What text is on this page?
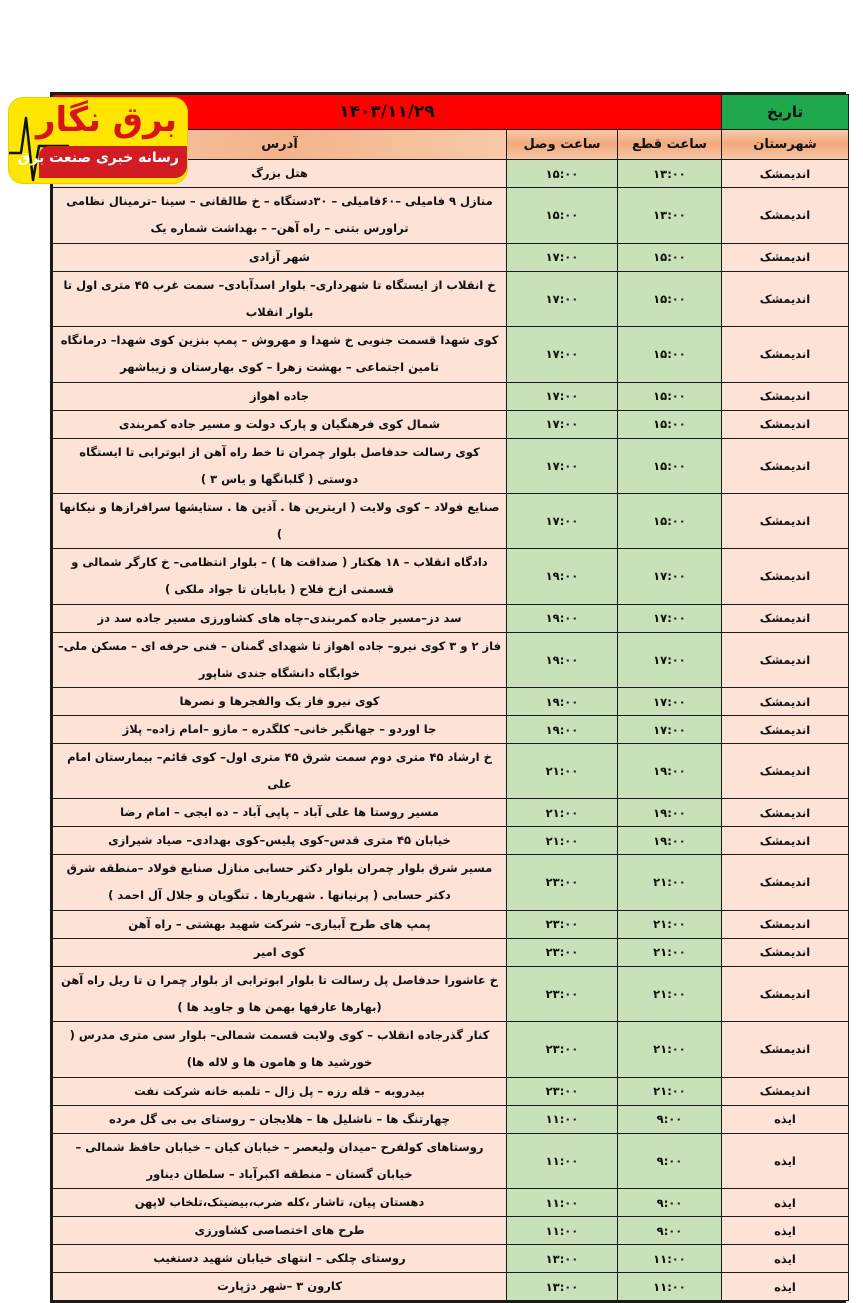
تاریخ	۱۴۰۳/۱۱/۲۹		
شهرستان	ساعت قطع	ساعت وصل	آدرس
اندیمشک	۱۳:۰۰	۱۵:۰۰	هتل بزرگ
اندیمشک	۱۳:۰۰	۱۵:۰۰	منازل ۹ فامیلی –۶۰فامیلی – ۳۰دستگاه – خ طالقانی – سینا –ترمینال نظامی تراورس بتنی – راه آهن– – بهداشت شماره یک
اندیمشک	۱۵:۰۰	۱۷:۰۰	شهر آزادی
اندیمشک	۱۵:۰۰	۱۷:۰۰	خ انقلاب از ایستگاه تا شهرداری– بلوار اسدآبادی– سمت غرب ۴۵ متری اول تا بلوار انقلاب
اندیمشک	۱۵:۰۰	۱۷:۰۰	کوی شهدا قسمت جنوبی خ شهدا و مهروش – پمپ بنزین کوی شهدا– درمانگاه تامین اجتماعی – بهشت زهرا – کوی بهارستان و زیباشهر
اندیمشک	۱۵:۰۰	۱۷:۰۰	جاده اهواز
اندیمشک	۱۵:۰۰	۱۷:۰۰	شمال کوی فرهنگیان و پارک دولت و مسیر جاده کمربندی
اندیمشک	۱۵:۰۰	۱۷:۰۰	کوی رسالت حدفاصل بلوار چمران تا خط راه آهن از ابوترابی تا ایستگاه دوستی ( گلبانگها و یاس ۳ )
اندیمشک	۱۵:۰۰	۱۷:۰۰	صنایع فولاد – کوی ولایت ( اریترین ها . آذین ها . ستایشها سرافرازها و نیکانها )
اندیمشک	۱۷:۰۰	۱۹:۰۰	دادگاه انقلاب – ۱۸ هکتار ( صداقت ها ) – بلوار انتظامی– خ کارگر شمالی و قسمتی ازخ فلاح ( بابایان تا جواد ملکی )
اندیمشک	۱۷:۰۰	۱۹:۰۰	سد دز–مسیر جاده کمربندی–چاه های کشاورزی مسیر جاده سد دز
اندیمشک	۱۷:۰۰	۱۹:۰۰	فاز ۲ و ۳ کوی نیرو– جاده اهواز تا شهدای گمنان – فنی حرفه ای – مسکن ملی– خوابگاه دانشگاه جندی شاپور
اندیمشک	۱۷:۰۰	۱۹:۰۰	کوی نیرو فاز یک والفجرها و نصرها
اندیمشک	۱۷:۰۰	۱۹:۰۰	جا اوردو – جهانگیر خانی– کلگدره – مازو –امام زاده– پلاژ
اندیمشک	۱۹:۰۰	۲۱:۰۰	خ ارشاد ۴۵ متری دوم سمت شرق ۴۵ متری اول– کوی قائم– بیمارستان امام علی
اندیمشک	۱۹:۰۰	۲۱:۰۰	مسیر روستا ها علی آباد – پاپی آباد – ده ایجی – امام رضا
اندیمشک	۱۹:۰۰	۲۱:۰۰	خیابان ۴۵ متری قدس–کوی پلیس–کوی بهدادی– صیاد شیرازی
اندیمشک	۲۱:۰۰	۲۳:۰۰	مسیر شرق بلوار چمران بلوار دکتر حسابی منازل صنایع فولاد –منطقه شرق دکتر حسابی ( پرنیانها . شهریارها . تنگویان و جلال آل احمد )
اندیمشک	۲۱:۰۰	۲۳:۰۰	پمپ های طرح آبیاری– شرکت شهید بهشتی – راه آهن
اندیمشک	۲۱:۰۰	۲۳:۰۰	کوی امیر
اندیمشک	۲۱:۰۰	۲۳:۰۰	خ عاشورا حدفاصل پل رسالت تا بلوار ابوترابی از بلوار چمرا ن تا ریل راه آهن (بهارها عارفها بهمن ها و جاوید ها )
اندیمشک	۲۱:۰۰	۲۳:۰۰	کنار گذرجاده انقلاب – کوی ولایت قسمت شمالی– بلوار سی متری مدرس ( خورشید ها و هامون ها و لاله ها)
اندیمشک	۲۱:۰۰	۲۳:۰۰	بیدروبه – قله رزه – پل زال – تلمبه خانه شرکت نفت
ایذه	۹:۰۰	۱۱:۰۰	چهارتنگ ها – ناشلیل ها – هلایجان – روستای بی بی گل مرده
ایذه	۹:۰۰	۱۱:۰۰	روستاهای کولفرح –میدان ولیعصر – خیابان کیان – خیابان حافظ شمالی – خیابان گستان – منطقه اکبرآباد – سلطان دیناور
ایذه	۹:۰۰	۱۱:۰۰	دهستان پیان، تاشار ،کله ضرب،بیضیتک،تلخاب لاپهن
ایذه	۹:۰۰	۱۱:۰۰	طرح های اختصاصی کشاورزی
ایذه	۱۱:۰۰	۱۳:۰۰	روستای چلکی – انتهای خیابان شهید دستغیب
ایذه	۱۱:۰۰	۱۳:۰۰	کارون ۳ –شهر دژپارت
برق نگار
رسانه خبری صنعت برق
